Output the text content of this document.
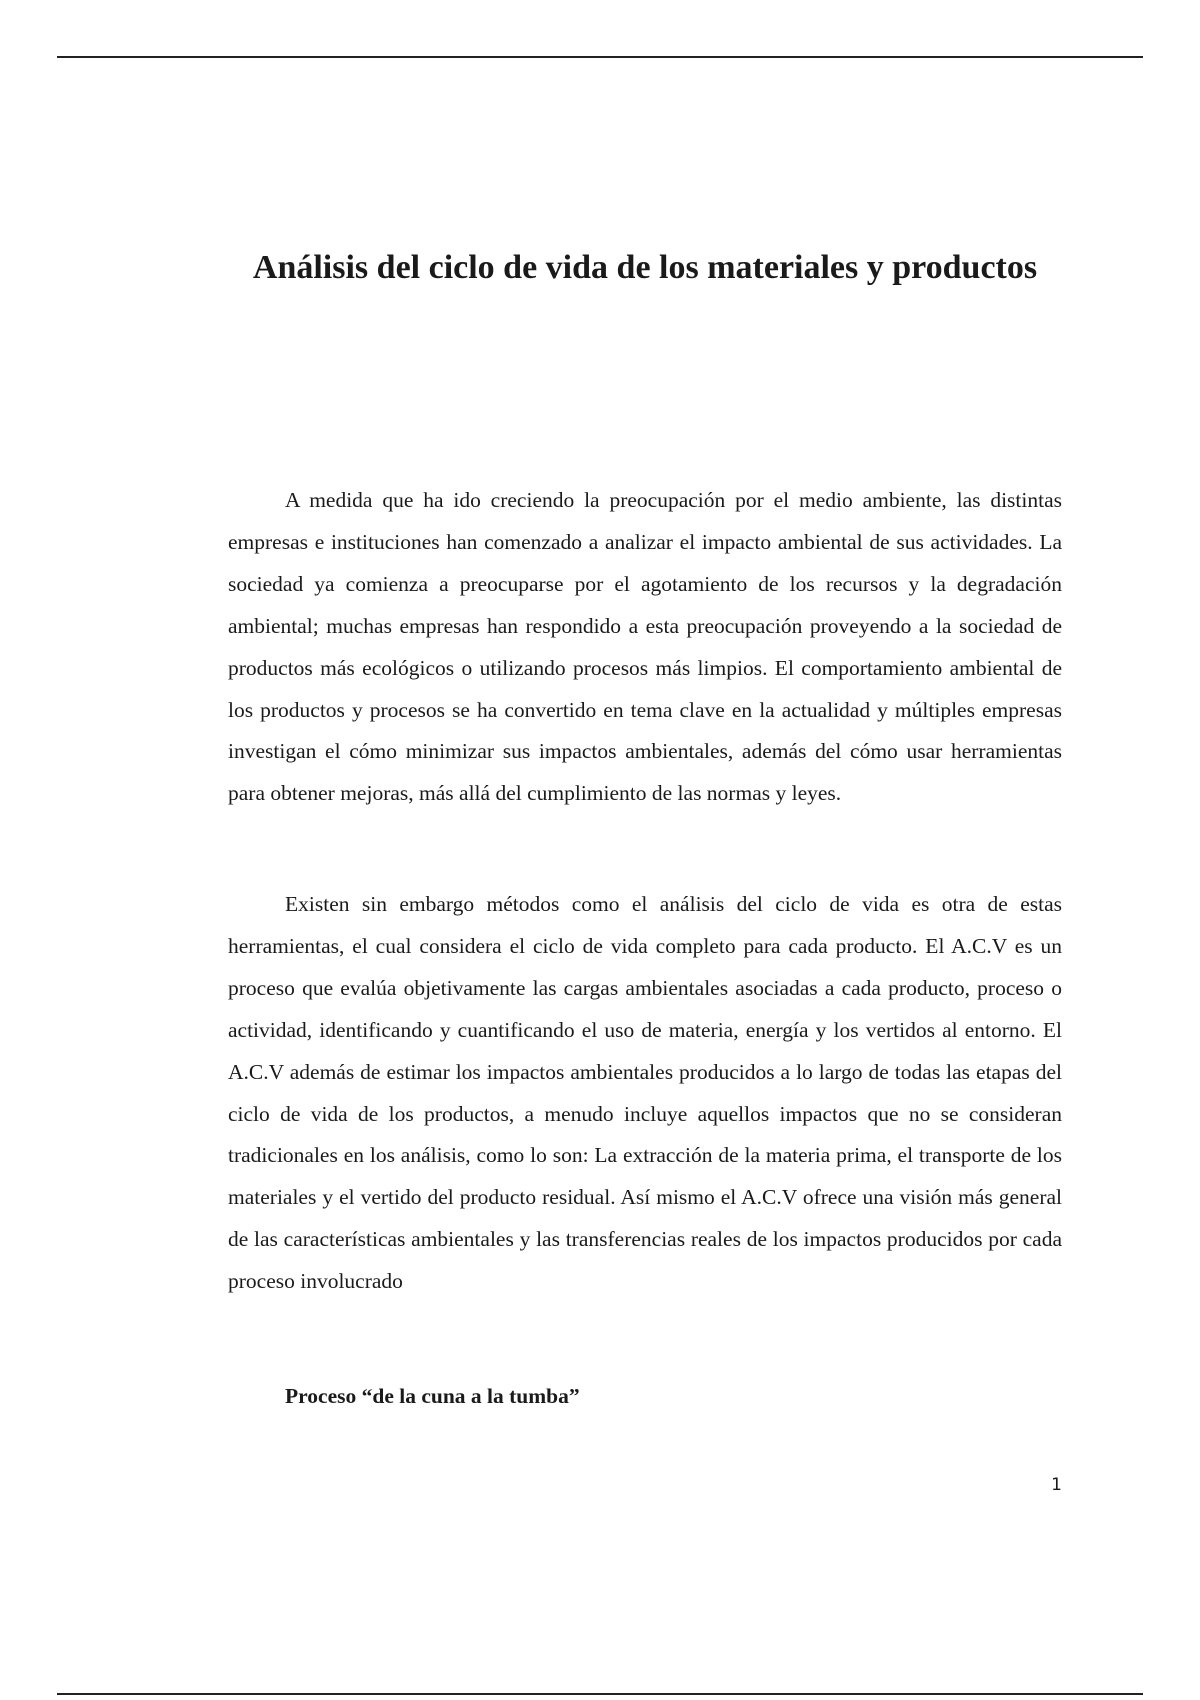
Análisis del ciclo de vida de los materiales y productos

A medida que ha ido creciendo la preocupación por el medio ambiente, las distintas empresas e instituciones han comenzado a analizar el impacto ambiental de sus actividades. La sociedad ya comienza a preocuparse por el agotamiento de los recursos y la degradación ambiental; muchas empresas han respondido a esta preocupación proveyendo a la sociedad de productos más ecológicos o utilizando procesos más limpios. El comportamiento ambiental de los productos y procesos se ha convertido en tema clave en la actualidad y múltiples empresas investigan el cómo minimizar sus impactos ambientales, además del cómo usar herramientas para obtener mejoras, más allá del cumplimiento de las normas y leyes.

Existen sin embargo métodos como el análisis del ciclo de vida es otra de estas herramientas, el cual considera el ciclo de vida completo para cada producto. El A.C.V es un proceso que evalúa objetivamente las cargas ambientales asociadas a cada producto, proceso o actividad, identificando y cuantificando el uso de materia, energía y los vertidos al entorno. El A.C.V además de estimar los impactos ambientales producidos a lo largo de todas las etapas del ciclo de vida de los productos, a menudo incluye aquellos impactos que no se consideran tradicionales en los análisis, como lo son: La extracción de la materia prima, el transporte de los materiales y el vertido del producto residual. Así mismo el A.C.V ofrece una visión más general de las características ambientales y las transferencias reales de los impactos producidos por cada proceso involucrado

Proceso “de la cuna a la tumba”
1
